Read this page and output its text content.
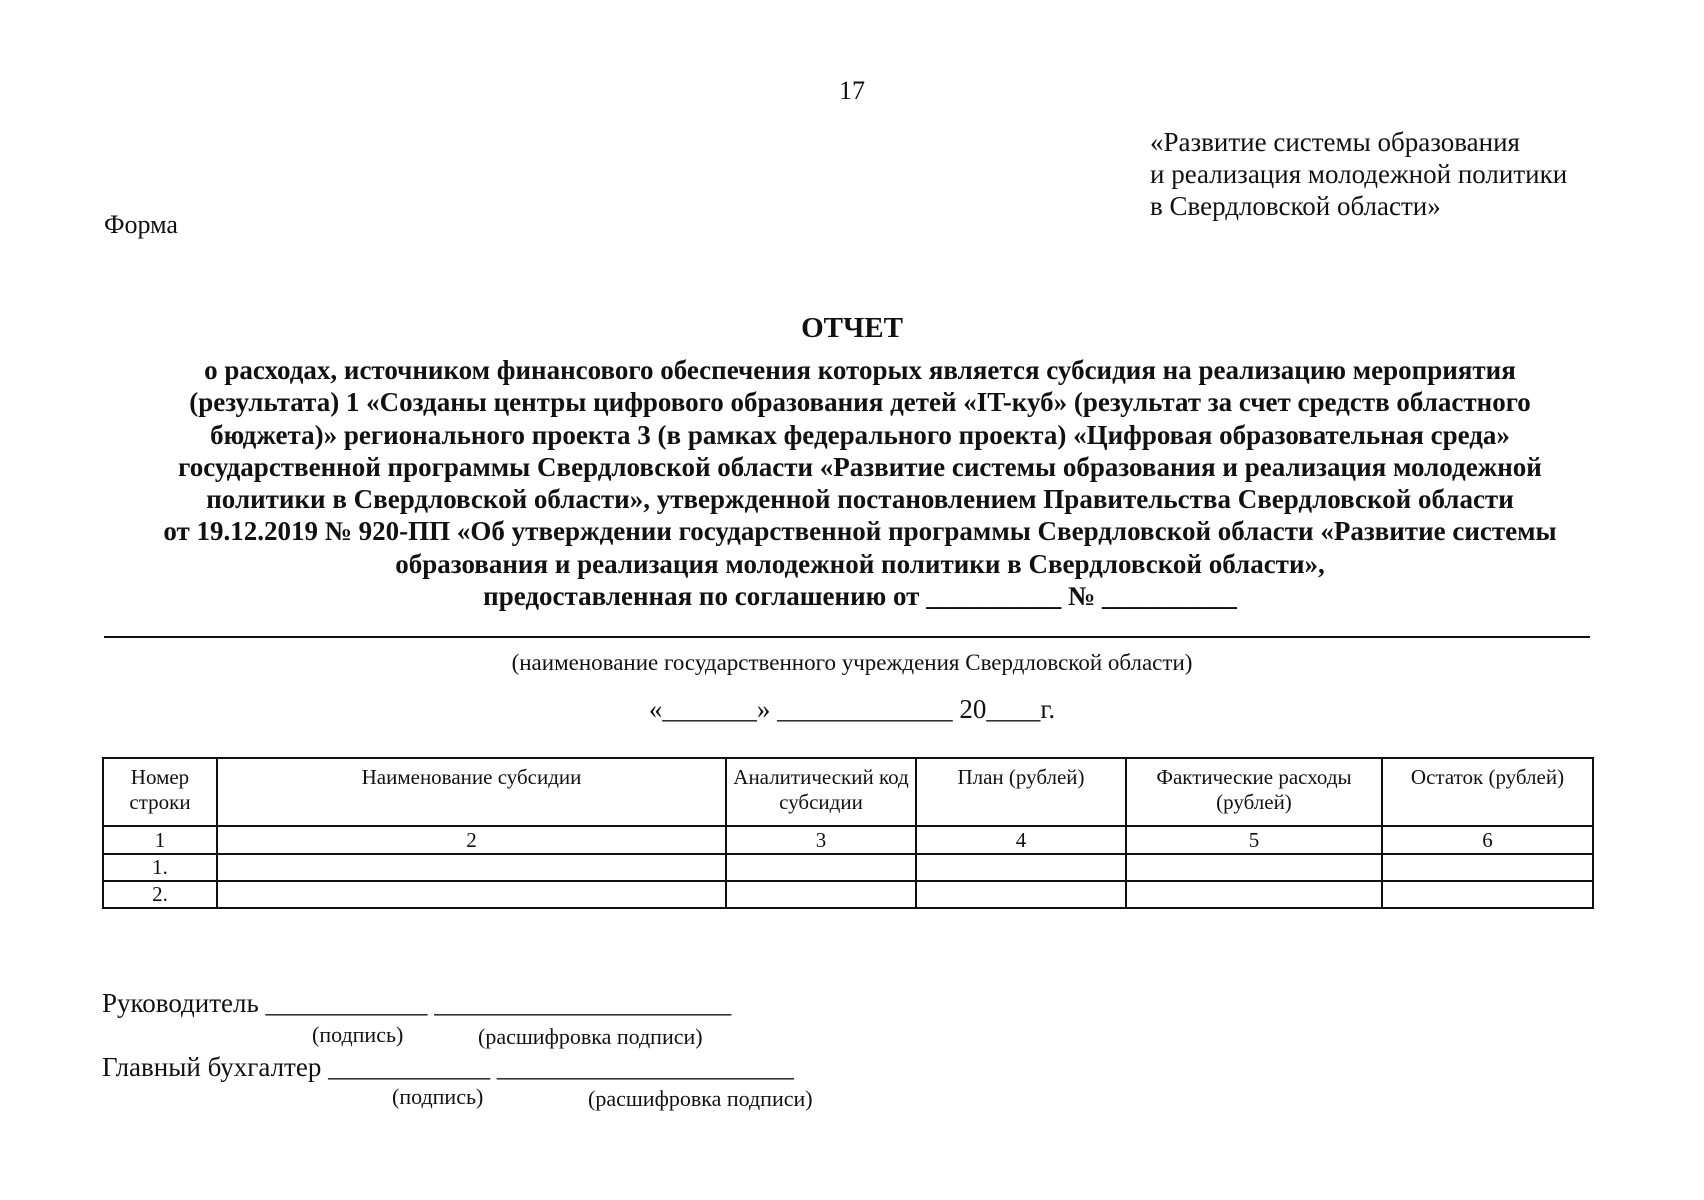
17
«Развитие системы образования
и реализация молодежной политики
в Свердловской области»
Форма
ОТЧЕТ
о расходах, источником финансового обеспечения которых является субсидия на реализацию мероприятия
(результата) 1 «Созданы центры цифрового образования детей «IT-куб» (результат за счет средств областного
бюджета)» регионального проекта 3 (в рамках федерального проекта) «Цифровая образовательная среда»
государственной программы Свердловской области «Развитие системы образования и реализация молодежной
политики в Свердловской области», утвержденной постановлением Правительства Свердловской области
от 19.12.2019 № 920-ПП «Об утверждении государственной программы Свердловской области «Развитие системы
образования и реализация молодежной политики в Свердловской области»,
предоставленная по соглашению от __________ № __________
(наименование государственного учреждения Свердловской области)
«_______» _____________ 20____г.
Номер строки	Наименование субсидии	Аналитический код субсидии	План (рублей)	Фактические расходы (рублей)	Остаток (рублей)
1	2	3	4	5	6
1.					
2.					
Руководитель ____________ ______________________
(подпись)	(расшифровка подписи)
Главный бухгалтер ____________ ______________________
(подпись)	(расшифровка подписи)
